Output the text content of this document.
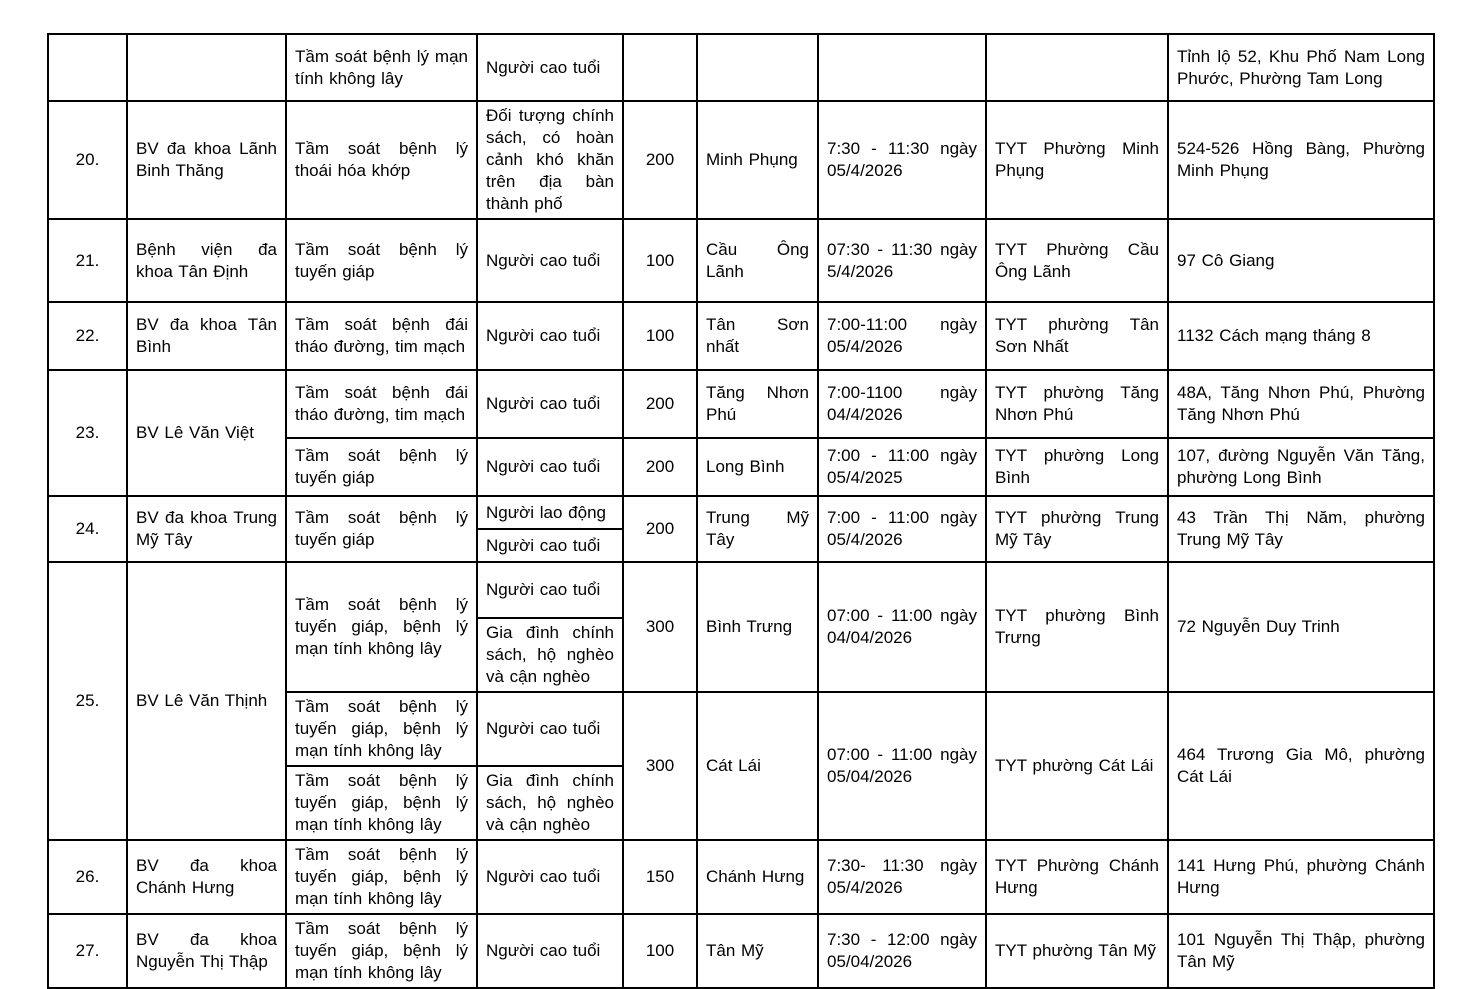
		Tầm soát bệnh lý mạn tính không lây	Người cao tuổi					Tỉnh lộ 52, Khu Phố Nam Long Phước, Phường Tam Long
20.	BV đa khoa Lãnh Binh Thăng	Tầm soát bệnh lý thoái hóa khớp	Đối tượng chính sách, có hoàn cảnh khó khăn trên địa bàn thành phố	200	Minh Phụng	7:30 - 11:30 ngày 05/4/2026	TYT Phường Minh Phụng	524-526 Hồng Bàng, Phường Minh Phụng
21.	Bệnh viện đa khoa Tân Định	Tầm soát bệnh lý tuyến giáp	Người cao tuổi	100	Cầu Ông Lãnh	07:30 - 11:30 ngày 5/4/2026	TYT Phường Cầu Ông Lãnh	97 Cô Giang
22.	BV đa khoa Tân Bình	Tầm soát bệnh đái tháo đường, tim mạch	Người cao tuổi	100	Tân Sơn nhất	7:00-11:00 ngày 05/4/2026	TYT phường Tân Sơn Nhất	1132 Cách mạng tháng 8
23.	BV Lê Văn Việt	Tầm soát bệnh đái tháo đường, tim mạch	Người cao tuổi	200	Tăng Nhơn Phú	7:00-1100 ngày 04/4/2026	TYT phường Tăng Nhơn Phú	48A, Tăng Nhơn Phú, Phường Tăng Nhơn Phú
		Tầm soát bệnh lý tuyến giáp	Người cao tuổi	200	Long Bình	7:00 - 11:00 ngày 05/4/2025	TYT phường Long Bình	107, đường Nguyễn Văn Tăng, phường Long Bình
24.	BV đa khoa Trung Mỹ Tây	Tầm soát bệnh lý tuyến giáp	Người lao động	200	Trung Mỹ Tây	7:00 - 11:00 ngày 05/4/2026	TYT phường Trung Mỹ Tây	43 Trần Thị Năm, phường Trung Mỹ Tây
			Người cao tuổi					
25.	BV Lê Văn Thịnh	Tầm soát bệnh lý tuyến giáp, bệnh lý mạn tính không lây	Người cao tuổi	300	Bình Trưng	07:00 - 11:00 ngày 04/04/2026	TYT phường Bình Trưng	72 Nguyễn Duy Trinh
			Gia đình chính sách, hộ nghèo và cận nghèo					
		Tầm soát bệnh lý tuyến giáp, bệnh lý mạn tính không lây	Người cao tuổi	300	Cát Lái	07:00 - 11:00 ngày 05/04/2026	TYT phường Cát Lái	464 Trương Gia Mô, phường Cát Lái
		Tầm soát bệnh lý tuyến giáp, bệnh lý mạn tính không lây	Gia đình chính sách, hộ nghèo và cận nghèo					
26.	BV đa khoa Chánh Hưng	Tầm soát bệnh lý tuyến giáp, bệnh lý mạn tính không lây	Người cao tuổi	150	Chánh Hưng	7:30- 11:30 ngày 05/4/2026	TYT Phường Chánh Hưng	141 Hưng Phú, phường Chánh Hưng
27.	BV đa khoa Nguyễn Thị Thập	Tầm soát bệnh lý tuyến giáp, bệnh lý mạn tính không lây	Người cao tuổi	100	Tân Mỹ	7:30 - 12:00 ngày 05/04/2026	TYT phường Tân Mỹ	101 Nguyễn Thị Thập, phường Tân Mỹ
